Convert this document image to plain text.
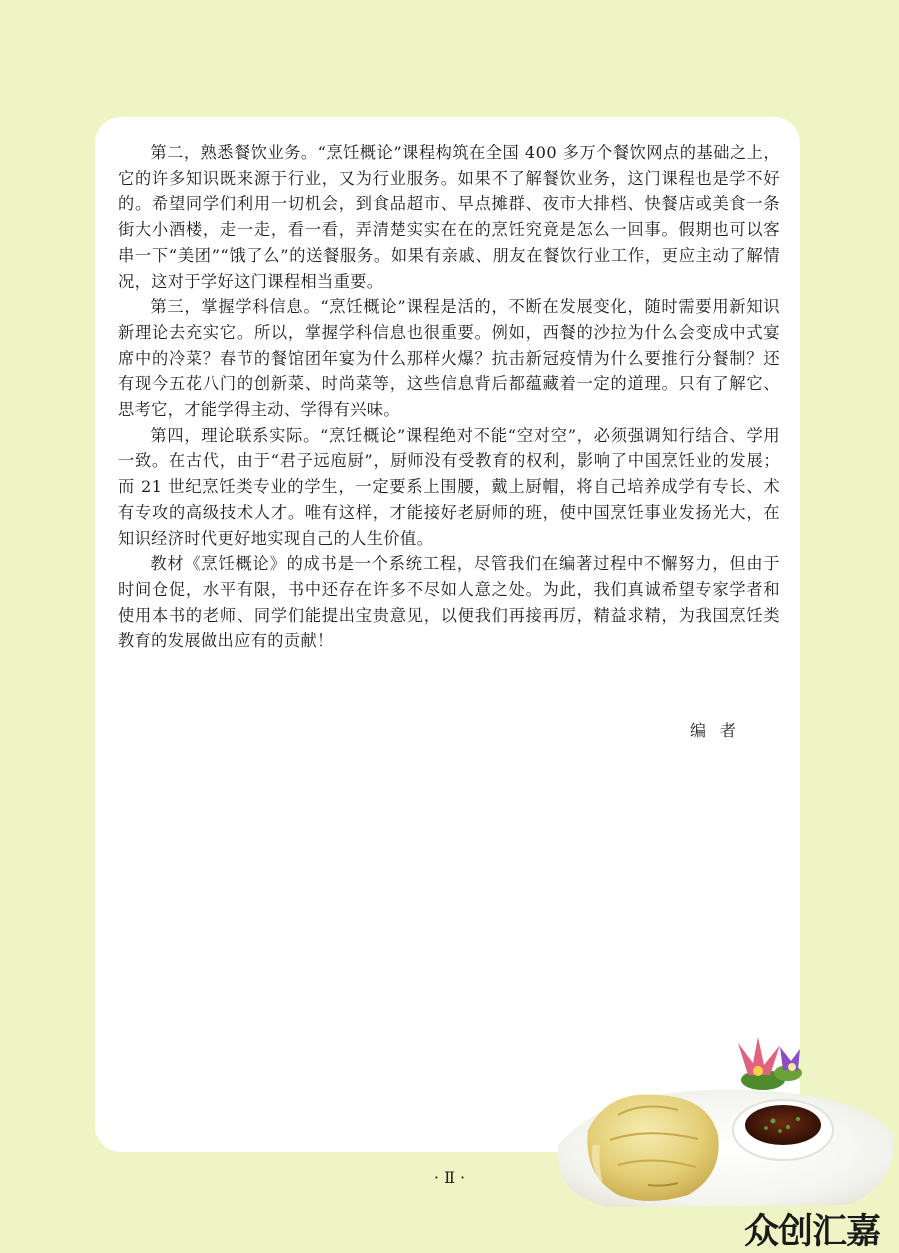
第二，熟悉餐饮业务。“烹饪概论”课程构筑在全国 400 多万个餐饮网点的基础之上，它的许多知识既来源于行业，又为行业服务。如果不了解餐饮业务，这门课程也是学不好的。希望同学们利用一切机会，到食品超市、早点摊群、夜市大排档、快餐店或美食一条街大小酒楼，走一走，看一看，弄清楚实实在在的烹饪究竟是怎么一回事。假期也可以客串一下“美团”“饿了么”的送餐服务。如果有亲戚、朋友在餐饮行业工作，更应主动了解情况，这对于学好这门课程相当重要。

第三，掌握学科信息。“烹饪概论”课程是活的，不断在发展变化，随时需要用新知识新理论去充实它。所以，掌握学科信息也很重要。例如，西餐的沙拉为什么会变成中式宴席中的冷菜？春节的餐馆团年宴为什么那样火爆？抗击新冠疫情为什么要推行分餐制？还有现今五花八门的创新菜、时尚菜等，这些信息背后都蕴藏着一定的道理。只有了解它、思考它，才能学得主动、学得有兴味。

第四，理论联系实际。“烹饪概论”课程绝对不能“空对空”，必须强调知行结合、学用一致。在古代，由于“君子远庖厨”，厨师没有受教育的权利，影响了中国烹饪业的发展；而 21 世纪烹饪类专业的学生，一定要系上围腰，戴上厨帽，将自己培养成学有专长、术有专攻的高级技术人才。唯有这样，才能接好老厨师的班，使中国烹饪事业发扬光大，在知识经济时代更好地实现自己的人生价值。

教材《烹饪概论》的成书是一个系统工程，尽管我们在编著过程中不懈努力，但由于时间仓促，水平有限，书中还存在许多不尽如人意之处。为此，我们真诚希望专家学者和使用本书的老师、同学们能提出宝贵意见，以便我们再接再厉，精益求精，为我国烹饪类教育的发展做出应有的贡献！

编者
· Ⅱ ·
众创汇嘉
